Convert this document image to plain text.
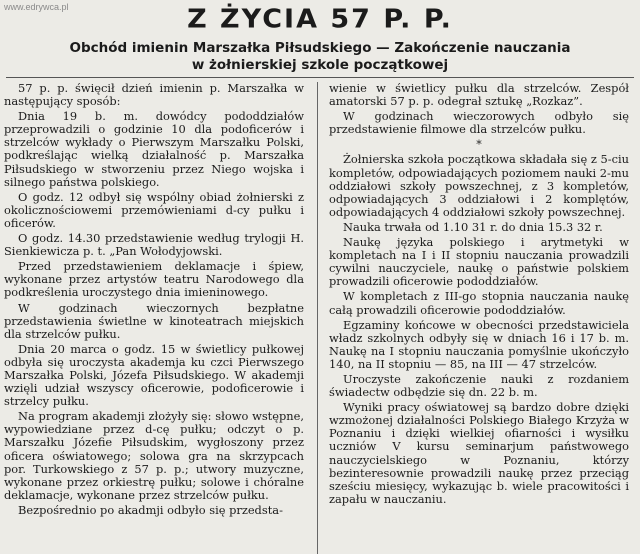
www.edrywca.pl	Z ŻYCIA 57 P. P.
Obchód imienin Marszałka Piłsudskiego — Zakończenie nauczania
w żołnierskiej szkole początkowej

57 p. p. święcił dzień imienin p. Marszałka w następujący sposób:

Dnia 19 b. m. dowódcy pododdziałów przeprowadzili o godzinie 10 dla podoficerów i strzelców wykłady o Pierwszym Marszałku Polski, podkreślając wielką działalność p. Marszałka Piłsudskiego w stworzeniu przez Niego wojska i silnego państwa polskiego.

O godz. 12 odbył się wspólny obiad żołnierski z okolicznościowemi przemówieniami d-cy pułku i oficerów.

O godz. 14.30 przedstawienie według trylogji H. Sienkiewicza p. t. „Pan Wołodyjowski.

Przed przedstawieniem deklamacje i śpiew, wykonane przez artystów teatru Narodowego dla podkreślenia uroczystego dnia imieninowego.

W godzinach wieczornych bezpłatne przedstawienia świetlne w kinoteatrach miejskich dla strzelców pułku.

Dnia 20 marca o godz. 15 w świetlicy pułkowej odbyła się uroczysta akademja ku czci Pierwszego Marszałka Polski, Józefa Piłsudskiego. W akademji wzięli udział wszyscy oficerowie, podoficerowie i strzelcy pułku.

Na program akademji złożyły się: słowo wstępne, wypowiedziane przez d-cę pułku; odczyt o p. Marszałku Józefie Piłsudskim, wygłoszony przez oficera oświatowego; solowa gra na skrzypcach por. Turkowskiego z 57 p. p.; utwory muzyczne, wykonane przez orkiestrę pułku; solowe i chóralne deklamacje, wykonane przez strzelców pułku.

Bezpośrednio po akadmji odbyło się przedsta-

wienie w świetlicy pułku dla strzelców. Zespół amatorski 57 p. p. odegrał sztukę „Rozkaz”.

W godzinach wieczorowych odbyło się przedstawienie filmowe dla strzelców pułku.

*

Żołnierska szkoła początkowa składała się z 5-ciu kompletów, odpowiadających poziomem nauki 2-mu oddziałowi szkoły powszechnej, z 3 kompletów, odpowiadających 3 oddziałowi i 2 komplętów, odpowiadających 4 oddziałowi szkoły powszechnej.

Nauka trwała od 1.10 31 r. do dnia 15.3 32 r.

Naukę języka polskiego i arytmetyki w kompletach na I i II stopniu nauczania prowadzili cywilni nauczyciele, naukę o państwie polskiem prowadzili oficerowie pododdziałów.

W kompletach z III-go stopnia nauczania naukę całą prowadzili oficerowie pododdziałów.

Egzaminy końcowe w obecności przedstawiciela władz szkolnych odbyły się w dniach 16 i 17 b. m. Naukę na I stopniu nauczania pomyślnie ukończyło 140, na II stopniu — 85, na III — 47 strzelców.

Uroczyste zakończenie nauki z rozdaniem świadectw odbędzie się dn. 22 b. m.

Wyniki pracy oświatowej są bardzo dobre dzięki wzmożonej działalności Polskiego Białego Krzyża w Poznaniu i dzięki wielkiej ofiarności i wysiłku uczniów V kursu seminarjum państwowego nauczycielskiego w Poznaniu, którzy bezinteresownie prowadzili naukę przez przeciąg sześciu miesięcy, wykazując b. wiele pracowitości i zapału w nauczaniu.
